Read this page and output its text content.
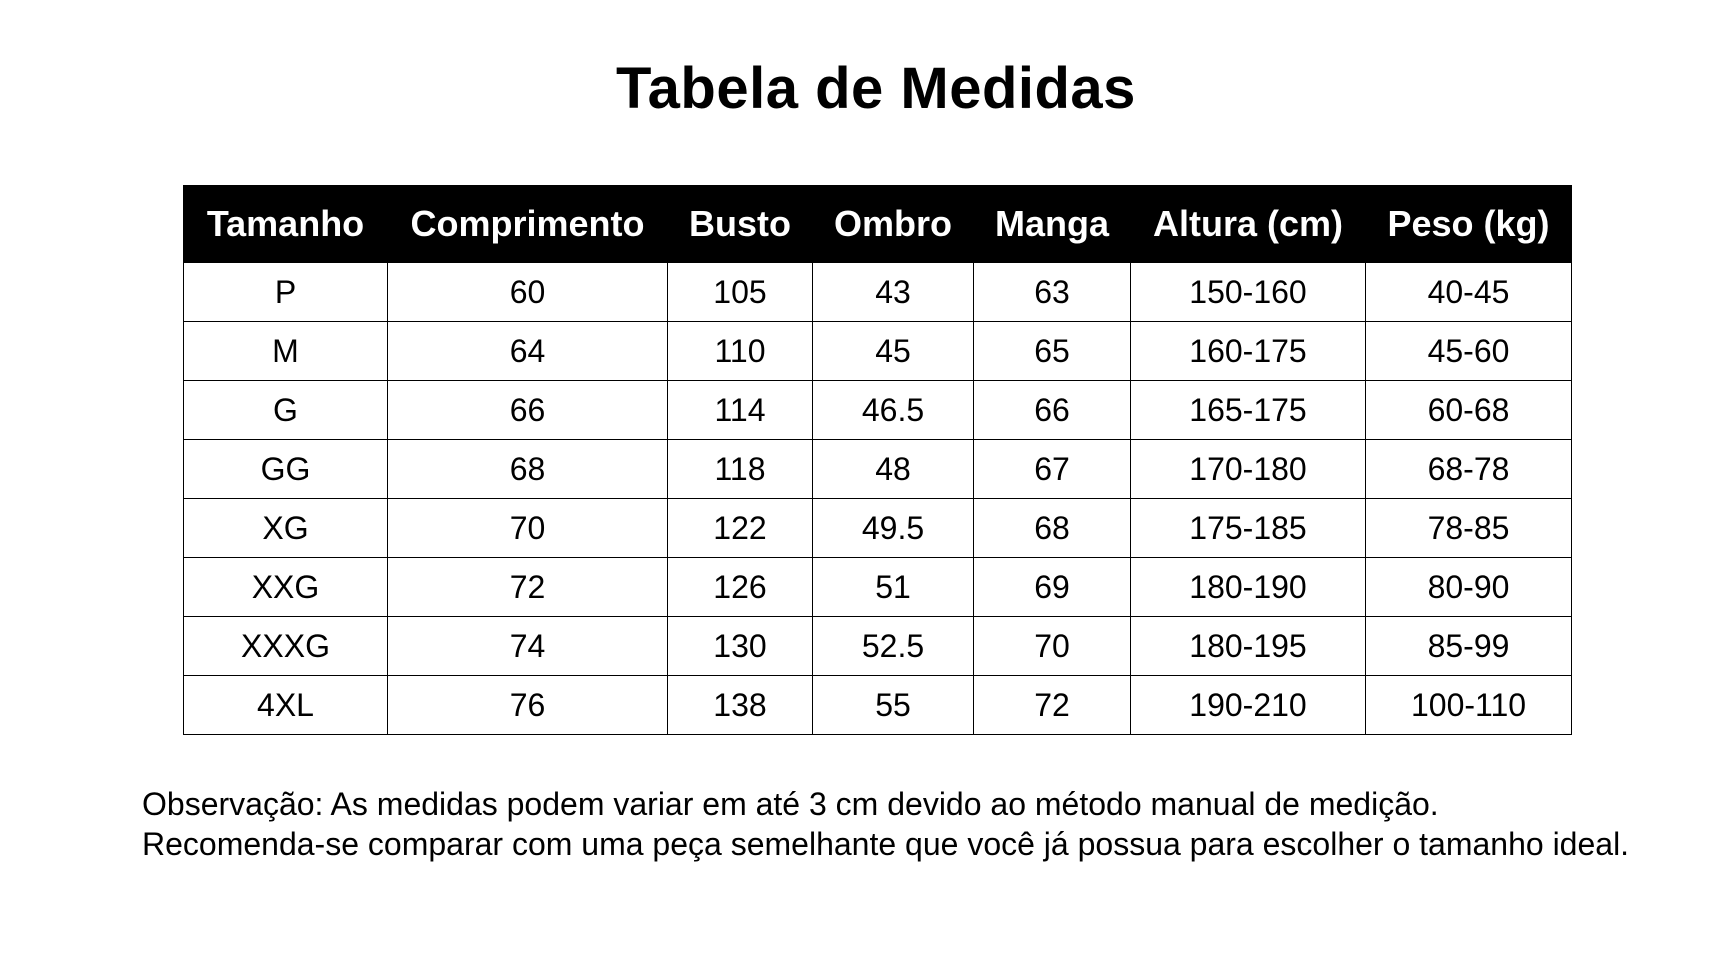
Tabela de Medidas
Tamanho	Comprimento	Busto	Ombro	Manga	Altura (cm)	Peso (kg)
P	60	105	43	63	150-160	40-45
M	64	110	45	65	160-175	45-60
G	66	114	46.5	66	165-175	60-68
GG	68	118	48	67	170-180	68-78
XG	70	122	49.5	68	175-185	78-85
XXG	72	126	51	69	180-190	80-90
XXXG	74	130	52.5	70	180-195	85-99
4XL	76	138	55	72	190-210	100-110
Observação: As medidas podem variar em até 3 cm devido ao método manual de medição.
Recomenda-se comparar com uma peça semelhante que você já possua para escolher o tamanho ideal.
